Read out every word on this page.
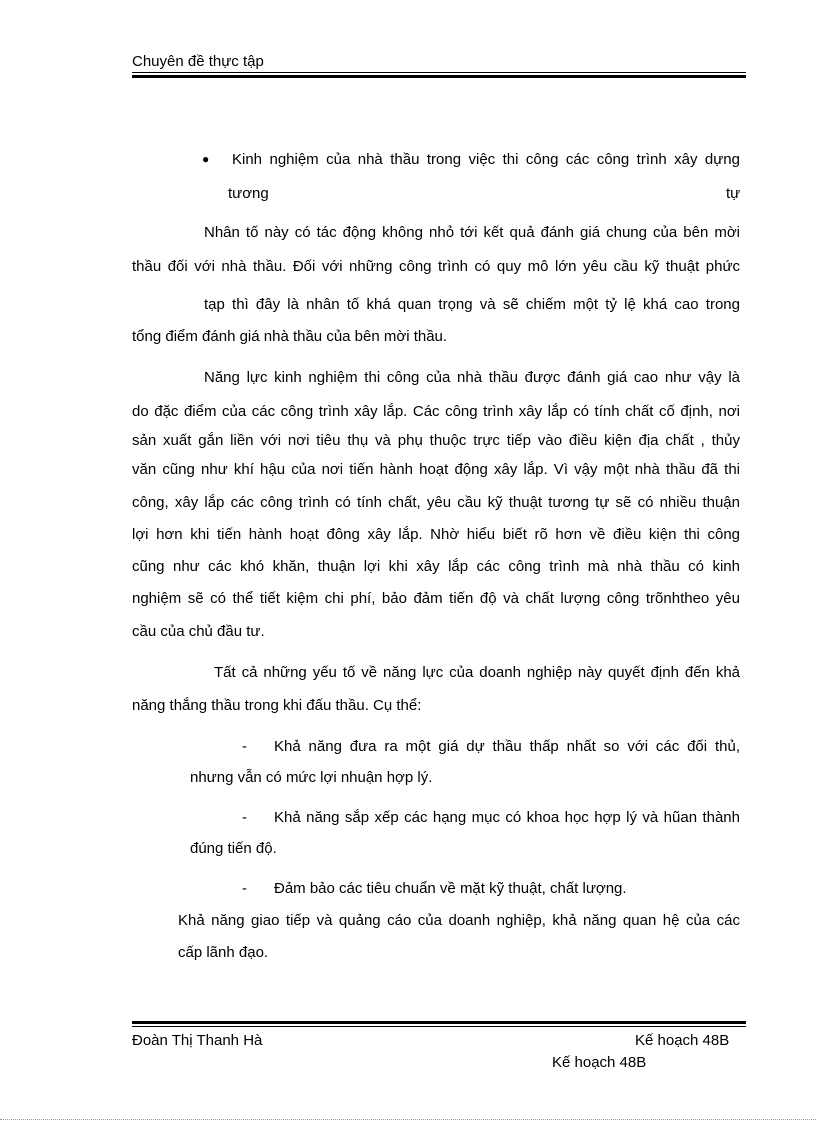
Chuyên đề thực tập
● Kinh nghiệm của nhà thầu trong việc thi công các công trình xây dựng
tương	tự
Nhân tố này có tác động không nhỏ tới kết quả đánh giá chung của bên mời
thầu đối với nhà thầu. Đối với những công trình có quy mô lớn yêu cầu kỹ thuật phức
tạp thì đây là nhân tố khá quan trọng và sẽ chiếm một tỷ lệ khá cao trong
tổng điểm đánh giá nhà thầu của bên mời thầu.
Năng lực kinh nghiệm thi công của nhà thầu được đánh giá cao như vậy là
do đặc điểm của các công trình xây lắp. Các công trình xây lắp có tính chất cố định, nơi
sản xuất gắn liền với nơi tiêu thụ và phụ thuộc trực tiếp vào điều kiện địa chất , thủy
văn cũng như khí hậu của nơi tiến hành hoạt động xây lắp. Vì vậy một nhà thầu đã thi
công, xây lắp các công trình có tính chất, yêu cầu kỹ thuật tương tự sẽ có nhiều thuận
lợi hơn khi tiến hành hoạt đông xây lắp. Nhờ hiểu biết rõ hơn về điều kiện thi công
cũng như các khó khăn, thuận lợi khi xây lắp các công trình mà nhà thầu có kinh
nghiệm sẽ có thể tiết kiệm chi phí, bảo đảm tiến độ và chất lượng công trõnhtheo yêu
cầu của chủ đầu tư.
Tất cả những yếu tố về năng lực của doanh nghiệp này quyết định đến khả
năng thắng thầu trong khi đấu thầu. Cụ thể:
- Khả năng đưa ra một giá dự thầu thấp nhất so với các đối thủ,
nhưng vẫn có mức lợi nhuận hợp lý.
- Khả năng sắp xếp các hạng mục có khoa học hợp lý và hũan thành
đúng tiến độ.
- Đảm bảo các tiêu chuẩn về mặt kỹ thuật, chất lượng.
Khả năng giao tiếp và quảng cáo của doanh nghiệp, khả năng quan hệ của các
cấp lãnh đạo.
Đoàn Thị Thanh Hà	Kế hoạch 48B
Kế hoạch 48B
